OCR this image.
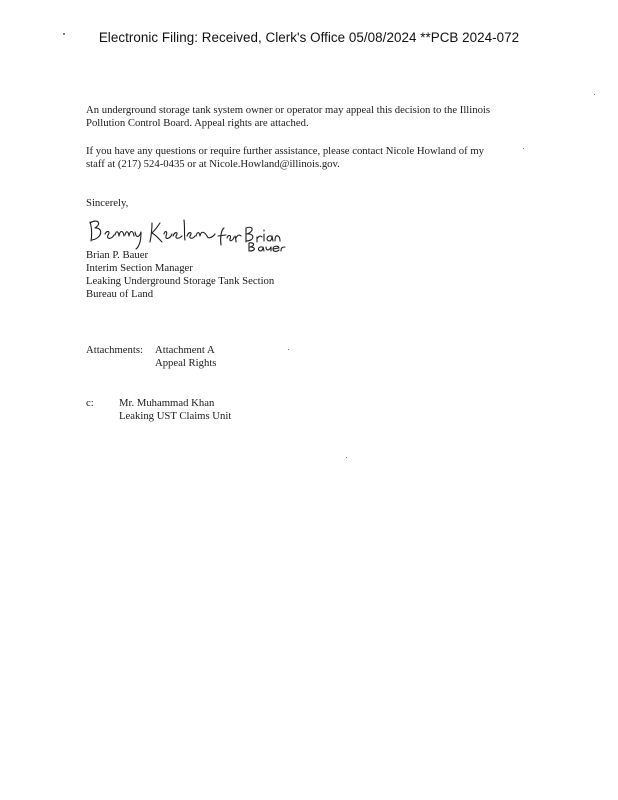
Electronic Filing: Received, Clerk's Office 05/08/2024 **PCB 2024-072

An underground storage tank system owner or operator may appeal this decision to the Illinois
Pollution Control Board. Appeal rights are attached.

If you have any questions or require further assistance, please contact Nicole Howland of my
staff at (217) 524-0435 or at Nicole.Howland@illinois.gov.

Sincerely,
Brian P. Bauer
Interim Section Manager
Leaking Underground Storage Tank Section
Bureau of Land
Attachments: Attachment A
Appeal Rights
c: Mr. Muhammad Khan
Leaking UST Claims Unit
